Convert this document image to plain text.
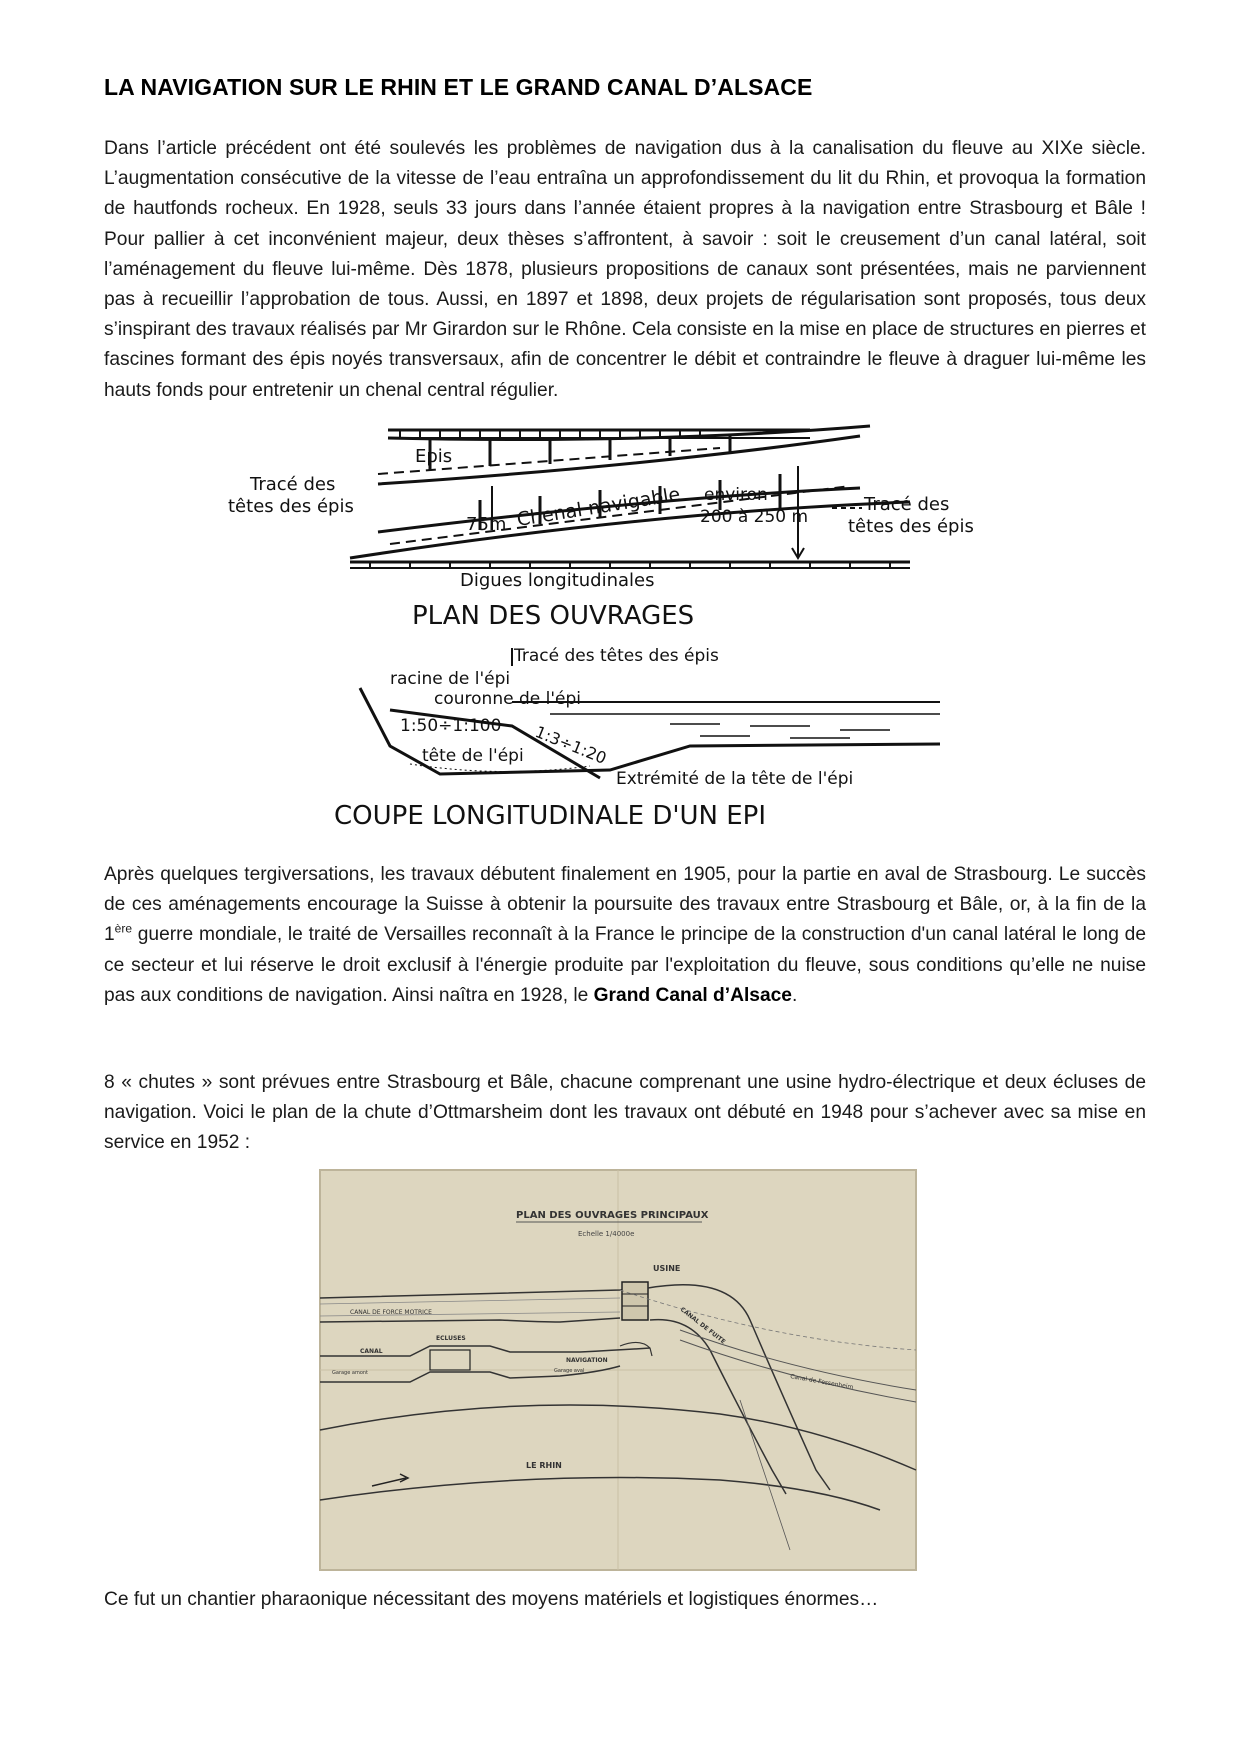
LA NAVIGATION SUR LE RHIN ET LE GRAND CANAL D’ALSACE

Dans l’article précédent ont été soulevés les problèmes de navigation dus à la canalisation du fleuve au XIXe siècle. L’augmentation consécutive de la vitesse de l’eau entraîna un approfondissement du lit du Rhin, et provoqua la formation de hautfonds rocheux. En 1928, seuls 33 jours dans l’année étaient propres à la navigation entre Strasbourg et Bâle ! Pour pallier à cet inconvénient majeur, deux thèses s’affrontent, à savoir : soit le creusement d’un canal latéral, soit l’aménagement du fleuve lui-même. Dès 1878, plusieurs propositions de canaux sont présentées, mais ne parviennent pas à recueillir l’approbation de tous. Aussi, en 1897 et 1898, deux projets de régularisation sont proposés, tous deux s’inspirant des travaux réalisés par Mr Girardon sur le Rhône. Cela consiste en la mise en place de structures en pierres et fascines formant des épis noyés transversaux, afin de concentrer le débit et contraindre le fleuve à draguer lui-même les hauts fonds pour entretenir un chenal central régulier.

Tracé des
têtes des épis
Epis
75m Chenal navigable environ
200 à 250 m
Tracé des
têtes des épis
Digues longitudinales
PLAN DES OUVRAGES
Tracé des têtes des épis
racine de l'épi
couronne de l'épi
1:50÷1:100 1:3÷1:20
tête de l'épi
Extrémité de la tête de l'épi
COUPE LONGITUDINALE D'UN EPI

Après quelques tergiversations, les travaux débutent finalement en 1905, pour la partie en aval de Strasbourg. Le succès de ces aménagements encourage la Suisse à obtenir la poursuite des travaux entre Strasbourg et Bâle, or, à la fin de la 1ère guerre mondiale, le traité de Versailles reconnaît à la France le principe de la construction d'un canal latéral le long de ce secteur et lui réserve le droit exclusif à l'énergie produite par l'exploitation du fleuve, sous conditions qu’elle ne nuise pas aux conditions de navigation. Ainsi naîtra en 1928, le Grand Canal d’Alsace.

8 « chutes » sont prévues entre Strasbourg et Bâle, chacune comprenant une usine hydro-électrique et deux écluses de navigation. Voici le plan de la chute d’Ottmarsheim dont les travaux ont débuté en 1948 pour s’achever avec sa mise en service en 1952 :

PLAN DES OUVRAGES PRINCIPAUX
Echelle 1/4000e
USINE
CANAL DE FORCE MOTRICE
ECLUSES
CANAL
Garage amont
NAVIGATION
Garage aval
CANAL DE FUITE
Canal de Fessenheim
LE RHIN

Ce fut un chantier pharaonique nécessitant des moyens matériels et logistiques énormes…
